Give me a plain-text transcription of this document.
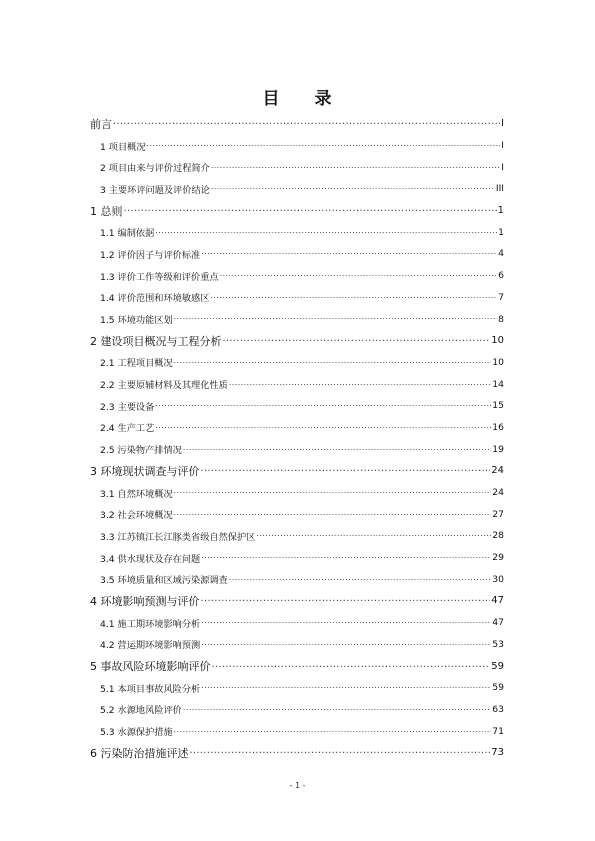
目 录
前言 .....	I
1 项目概况 .....	I
2 项目由来与评价过程简介 .....	I
3 主要环评问题及评价结论 .....	III
1 总则 .....	1
1.1 编制依据 .....	1
1.2 评价因子与评价标准 .....	4
1.3 评价工作等级和评价重点 .....	6
1.4 评价范围和环境敏感区 .....	7
1.5 环境功能区划 .....	8
2 建设项目概况与工程分析 .....	10
2.1 工程项目概况 .....	10
2.2 主要原辅材料及其理化性质 .....	14
2.3 主要设备 .....	15
2.4 生产工艺 .....	16
2.5 污染物产排情况 .....	19
3 环境现状调查与评价 .....	24
3.1 自然环境概况 .....	24
3.2 社会环境概况 .....	27
3.3 江苏镇江长江豚类省级自然保护区 .....	28
3.4 供水现状及存在问题 .....	29
3.5 环境质量和区域污染源调查 .....	30
4 环境影响预测与评价 .....	47
4.1 施工期环境影响分析 .....	47
4.2 营运期环境影响预测 .....	53
5 事故风险环境影响评价 .....	59
5.1 本项目事故风险分析 .....	59
5.2 水源地风险评价 .....	63
5.3 水源保护措施 .....	71
6 污染防治措施评述 .....	73
- 1 -
